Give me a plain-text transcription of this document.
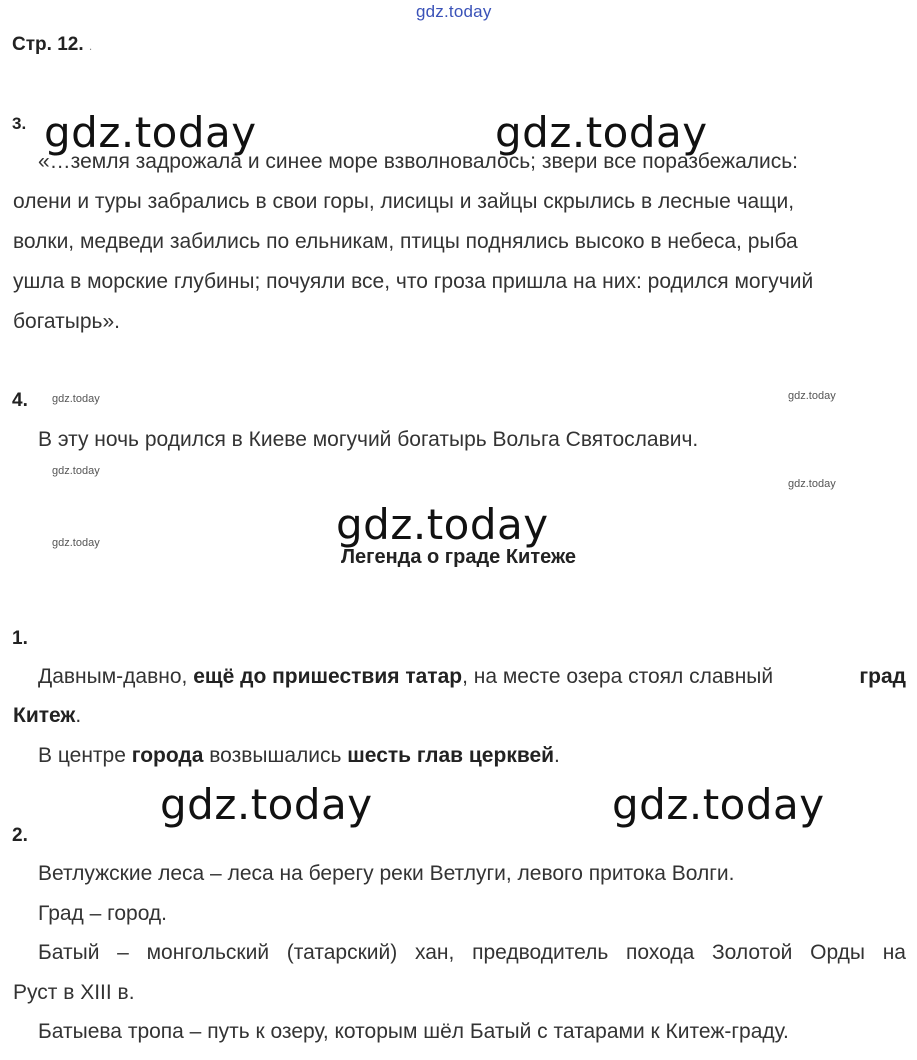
gdz.today
gdz.today	gdz.today
gdz.today
gdz.today	gdz.today
gdz.today	gdz.today
gdz.today
gdz.today
gdz.today
Стр. 12. .
3.
«…земля задрожала и синее море взволновалось; звери все поразбежались:
олени и туры забрались в свои горы, лисицы и зайцы скрылись в лесные чащи,
волки, медведи забились по ельникам, птицы поднялись высоко в небеса, рыба
ушла в морские глубины; почуяли все, что гроза пришла на них: родился могучий
богатырь».
4.
В эту ночь родился в Киеве могучий богатырь Вольга Святославич.
Легенда о граде Китеже
1.
Давным-давно, ещё до пришествия татар, на месте озера стоял славный	град
Китеж.
В центре города возвышались шесть глав церквей.
2.
Ветлужские леса – леса на берегу реки Ветлуги, левого притока Волги.
Град – город.
Батый – монгольский (татарский) хан, предводитель похода Золотой Орды на
Руст в XIII в.
Батыева тропа – путь к озеру, которым шёл Батый с татарами к Китеж-граду.
